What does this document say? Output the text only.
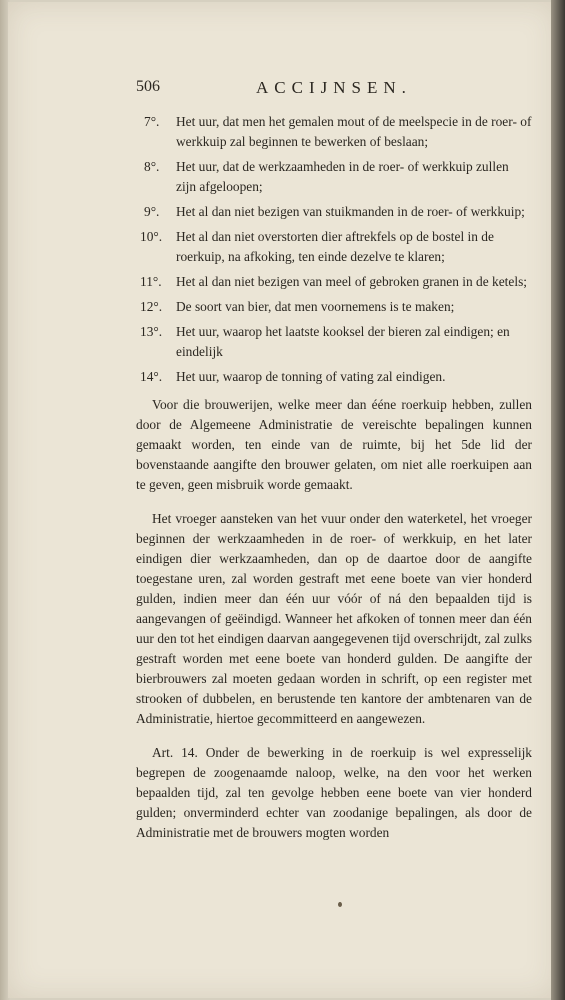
506	ACCIJNSEN.
7°. Het uur, dat men het gemalen mout of de meelspecie in de roer- of werkkuip zal beginnen te bewerken of beslaan;
8°. Het uur, dat de werkzaamheden in de roer- of werkkuip zullen zijn afgeloopen;
9°. Het al dan niet bezigen van stuikmanden in de roer- of werkkuip;
10°. Het al dan niet overstorten dier aftrekfels op de bostel in de roerkuip, na afkoking, ten einde dezelve te klaren;
11°. Het al dan niet bezigen van meel of gebroken granen in de ketels;
12°. De soort van bier, dat men voornemens is te maken;
13°. Het uur, waarop het laatste kooksel der bieren zal eindigen; en eindelijk
14°. Het uur, waarop de tonning of vating zal eindigen.

Voor die brouwerijen, welke meer dan ééne roerkuip hebben, zullen door de Algemeene Administratie de vereischte bepalingen kunnen gemaakt worden, ten einde van de ruimte, bij het 5de lid der bovenstaande aangifte den brouwer gelaten, om niet alle roerkuipen aan te geven, geen misbruik worde gemaakt.

Het vroeger aansteken van het vuur onder den waterketel, het vroeger beginnen der werkzaamheden in de roer- of werkkuip, en het later eindigen dier werkzaamheden, dan op de daartoe door de aangifte toegestane uren, zal worden gestraft met eene boete van vier honderd gulden, indien meer dan één uur vóór of ná den bepaalden tijd is aangevangen of geëindigd. Wanneer het afkoken of tonnen meer dan één uur den tot het eindigen daarvan aangegevenen tijd overschrijdt, zal zulks gestraft worden met eene boete van honderd gulden. De aangifte der bierbrouwers zal moeten gedaan worden in schrift, op een register met strooken of dubbelen, en berustende ten kantore der ambtenaren van de Administratie, hiertoe gecommitteerd en aangewezen.

Art. 14. Onder de bewerking in de roerkuip is wel expresselijk begrepen de zoogenaamde naloop, welke, na den voor het werken bepaalden tijd, zal ten gevolge hebben eene boete van vier honderd gulden; onverminderd echter van zoodanige bepalingen, als door de Administratie met de brouwers mogten worden
